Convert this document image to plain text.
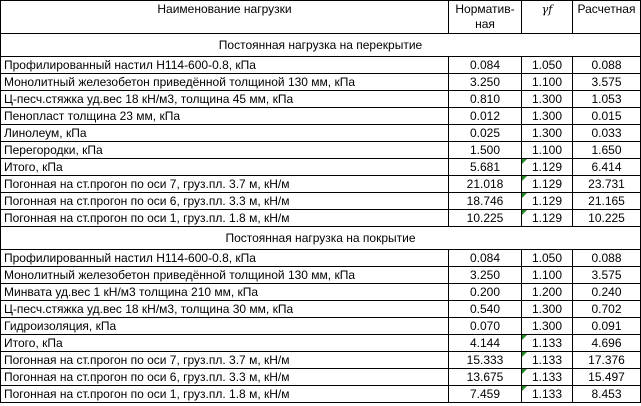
Наименование нагрузки	Норматив-ная	γf	Расчетная
Постоянная нагрузка на перекрытие			
Профилированный настил Н114-600-0.8, кПа	0.084	1.050	0.088
Монолитный железобетон приведённой толщиной 130 мм, кПа	3.250	1.100	3.575
Ц-песч.стяжка уд.вес 18 кН/м3, толщина 45 мм, кПа	0.810	1.300	1.053
Пенопласт толщина 23 мм, кПа	0.012	1.300	0.015
Линолеум, кПа	0.025	1.300	0.033
Перегородки, кПа	1.500	1.100	1.650
Итого, кПа	5.681	1.129	6.414
Погонная на ст.прогон по оси 7, груз.пл. 3.7 м, кН/м	21.018	1.129	23.731
Погонная на ст.прогон по оси 6, груз.пл. 3.3 м, кН/м	18.746	1.129	21.165
Погонная на ст.прогон по оси 1, груз.пл. 1.8 м, кН/м	10.225	1.129	10.225
Постоянная нагрузка на покрытие			
Профилированный настил Н114-600-0.8, кПа	0.084	1.050	0.088
Монолитный железобетон приведённой толщиной 130 мм, кПа	3.250	1.100	3.575
Минвата уд.вес 1 кН/м3 толщина 210 мм, кПа	0.200	1.200	0.240
Ц-песч.стяжка уд.вес 18 кН/м3, толщина 30 мм, кПа	0.540	1.300	0.702
Гидроизоляция, кПа	0.070	1.300	0.091
Итого, кПа	4.144	1.133	4.696
Погонная на ст.прогон по оси 7, груз.пл. 3.7 м, кН/м	15.333	1.133	17.376
Погонная на ст.прогон по оси 6, груз.пл. 3.3 м, кН/м	13.675	1.133	15.497
Погонная на ст.прогон по оси 1, груз.пл. 1.8 м, кН/м	7.459	1.133	8.453
